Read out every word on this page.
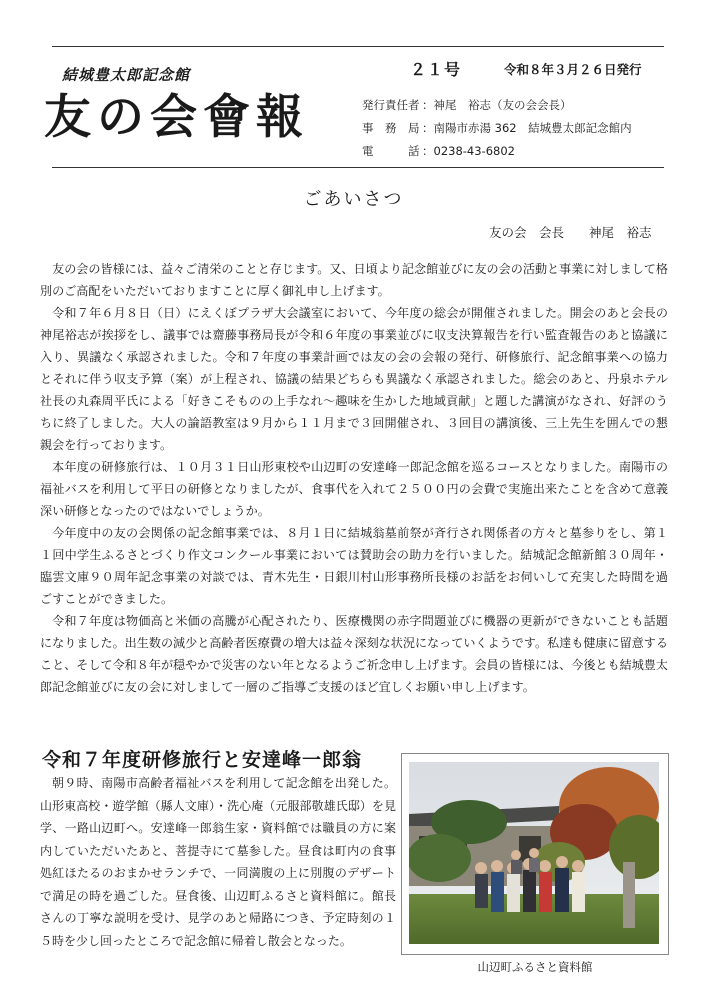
結城豊太郎記念館
友の会會報
２１号	令和８年３月２６日発行
発行責任者 ：神尾　裕志（友の会会長）
事　務　局 ：南陽市赤湯 362　結城豊太郎記念館内
電　　　話 ：0238-43-6802
ごあいさつ
友の会　会長　　神尾　裕志

友の会の皆様には、益々ご清栄のことと存じます。又、日頃より記念館並びに友の会の活動と事業に対しまして格別のご高配をいただいておりますことに厚く御礼申し上げます。

令和７年６月８日（日）にえくぼプラザ大会議室において、今年度の総会が開催されました。開会のあと会長の神尾裕志が挨拶をし、議事では齋藤事務局長が令和６年度の事業並びに収支決算報告を行い監査報告のあと協議に入り、異議なく承認されました。令和７年度の事業計画では友の会の会報の発行、研修旅行、記念館事業への協力とそれに伴う収支予算（案）が上程され、協議の結果どちらも異議なく承認されました。総会のあと、丹泉ホテル社長の丸森周平氏による「好きこそものの上手なれ～趣味を生かした地域貢献」と題した講演がなされ、好評のうちに終了しました。大人の論語教室は９月から１１月まで３回開催され、３回目の講演後、三上先生を囲んでの懇親会を行っております。

本年度の研修旅行は、１０月３１日山形東校や山辺町の安達峰一郎記念館を巡るコースとなりました。南陽市の福祉バスを利用して平日の研修となりましたが、食事代を入れて２５００円の会費で実施出来たことを含めて意義深い研修となったのではないでしょうか。

今年度中の友の会関係の記念館事業では、８月１日に結城翁墓前祭が斉行され関係者の方々と墓参りをし、第１１回中学生ふるさとづくり作文コンクール事業においては賛助会の助力を行いました。結城記念館新館３０周年・臨雲文庫９０周年記念事業の対談では、青木先生・日銀川村山形事務所長様のお話をお伺いして充実した時間を過ごすことができました。

令和７年度は物価高と米価の高騰が心配されたり、医療機関の赤字問題並びに機器の更新ができないことも話題になりました。出生数の減少と高齢者医療費の増大は益々深刻な状況になっていくようです。私達も健康に留意すること、そして令和８年が穏やかで災害のない年となるようご祈念申し上げます。会員の皆様には、今後とも結城豊太郎記念館並びに友の会に対しまして一層のご指導ご支援のほど宜しくお願い申し上げます。

令和７年度研修旅行と安達峰一郎翁

朝９時、南陽市高齢者福祉バスを利用して記念館を出発した。山形東高校・遊学館（縣人文庫）・洗心庵（元服部敬雄氏邸）を見学、一路山辺町へ。安達峰一郎翁生家・資料館では職員の方に案内していただいたあと、菩提寺にて墓参した。昼食は町内の食事処紅ほたるのおまかせランチで、一同満腹の上に別腹のデザートで満足の時を過ごした。昼食後、山辺町ふるさと資料館に。館長さんの丁寧な説明を受け、見学のあと帰路につき、予定時刻の１５時を少し回ったところで記念館に帰着し散会となった。

山辺町ふるさと資料館
